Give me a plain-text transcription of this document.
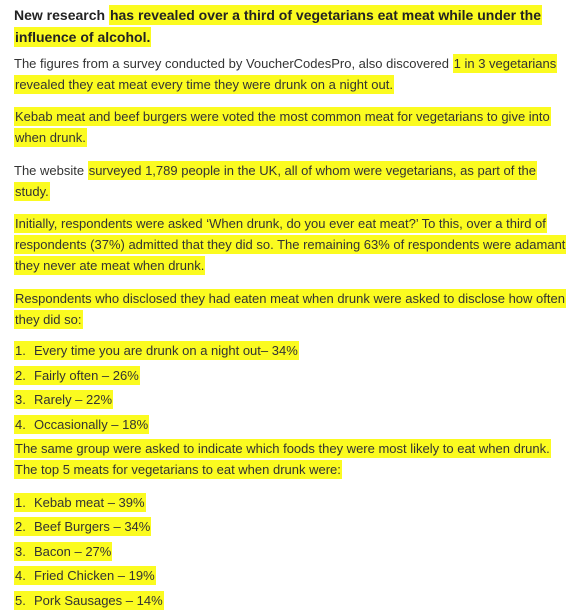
New research has revealed over a third of vegetarians eat meat while under the influence of alcohol.

The figures from a survey conducted by VoucherCodesPro, also discovered 1 in 3 vegetarians revealed they eat meat every time they were drunk on a night out.

Kebab meat and beef burgers were voted the most common meat for vegetarians to give into when drunk.

The website surveyed 1,789 people in the UK, all of whom were vegetarians, as part of the study.

Initially, respondents were asked ‘When drunk, do you ever eat meat?’ To this, over a third of respondents (37%) admitted that they did so. The remaining 63% of respondents were adamant they never ate meat when drunk.

Respondents who disclosed they had eaten meat when drunk were asked to disclose how often they did so:

1. Every time you are drunk on a night out– 34%
2. Fairly often – 26%
3. Rarely – 22%
4. Occasionally – 18%

The same group were asked to indicate which foods they were most likely to eat when drunk. The top 5 meats for vegetarians to eat when drunk were:

1. Kebab meat – 39%
2. Beef Burgers – 34%
3. Bacon – 27%
4. Fried Chicken – 19%
5. Pork Sausages – 14%
